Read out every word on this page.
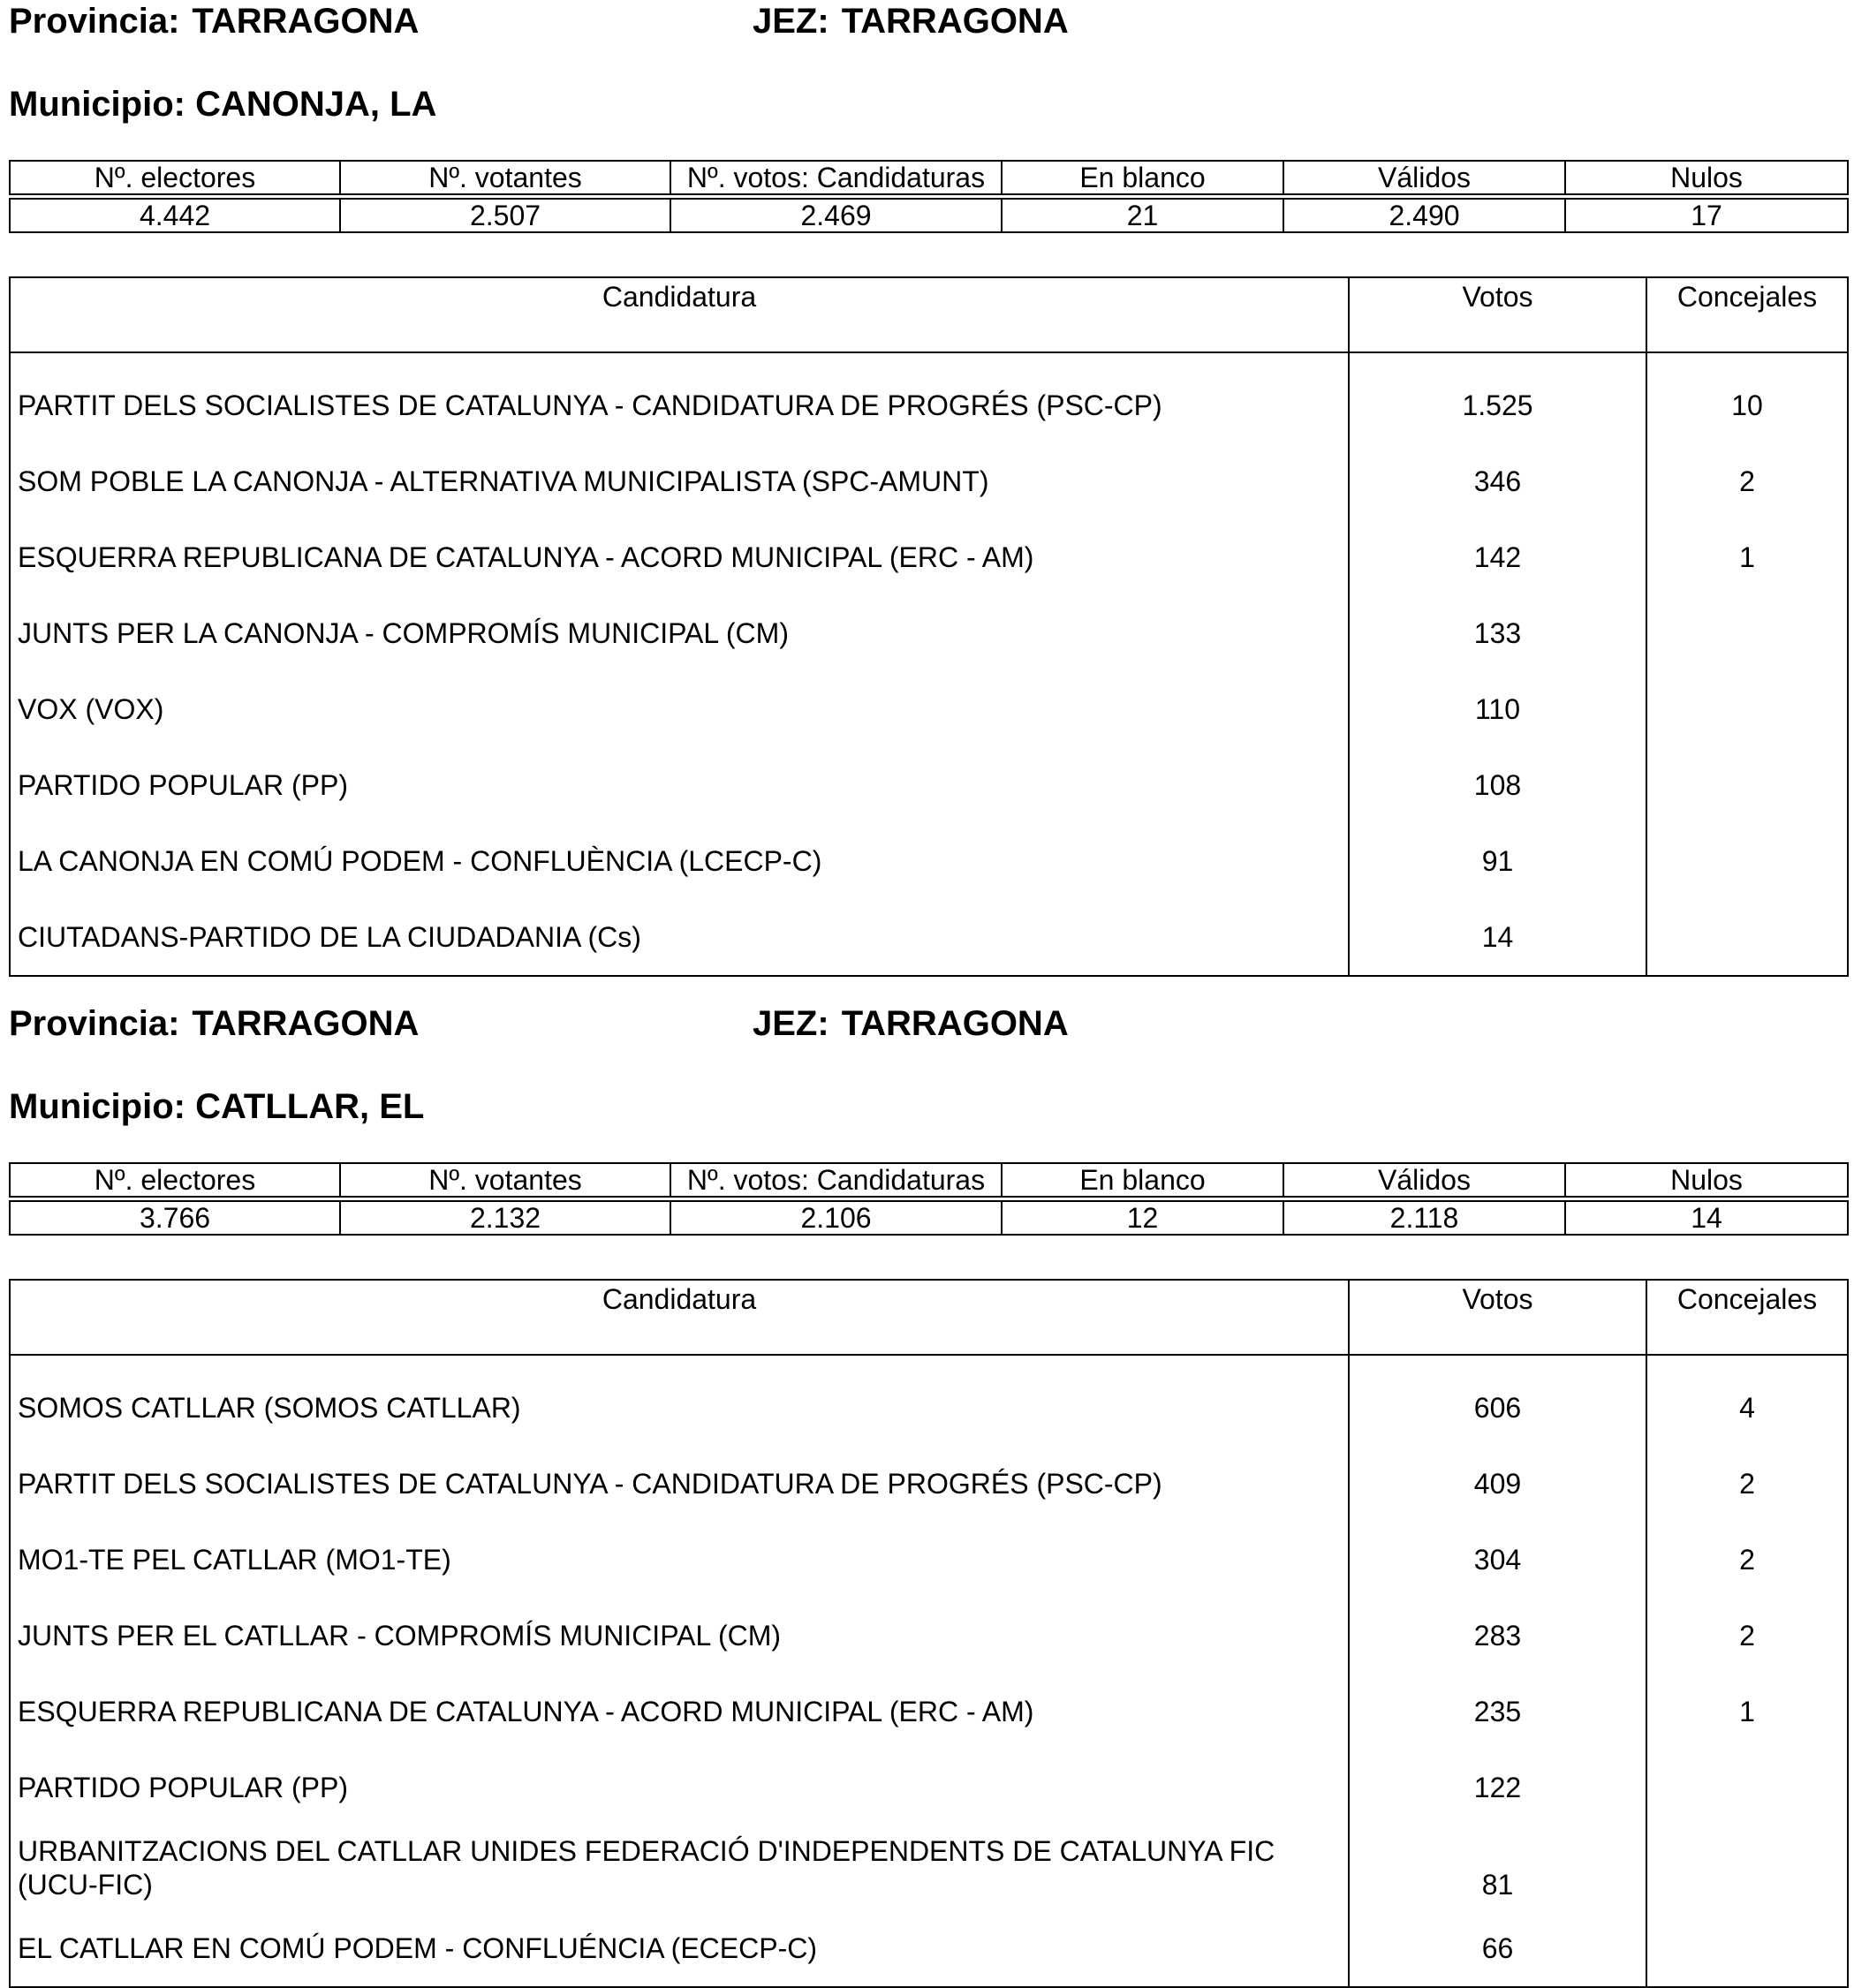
Provincia: TARRAGONA	JEZ: TARRAGONA
Municipio: CANONJA, LA
Nº. electores	Nº. votantes	Nº. votos: Candidaturas	En blanco	Válidos	Nulos
4.442	2.507	2.469	21	2.490	17
Candidatura	Votos	Concejales
PARTIT DELS SOCIALISTES DE CATALUNYA - CANDIDATURA DE PROGRÉS (PSC-CP)	1.525	10
SOM POBLE LA CANONJA - ALTERNATIVA MUNICIPALISTA (SPC-AMUNT)	346	2
ESQUERRA REPUBLICANA DE CATALUNYA - ACORD MUNICIPAL (ERC - AM)	142	1
JUNTS PER LA CANONJA - COMPROMÍS MUNICIPAL (CM)	133	
VOX (VOX)	110	
PARTIDO POPULAR (PP)	108	
LA CANONJA EN COMÚ PODEM - CONFLUÈNCIA (LCECP-C)	91	
CIUTADANS-PARTIDO DE LA CIUDADANIA (Cs)	14	
Provincia: TARRAGONA	JEZ: TARRAGONA
Municipio: CATLLAR, EL
Nº. electores	Nº. votantes	Nº. votos: Candidaturas	En blanco	Válidos	Nulos
3.766	2.132	2.106	12	2.118	14
Candidatura	Votos	Concejales
SOMOS CATLLAR (SOMOS CATLLAR)	606	4
PARTIT DELS SOCIALISTES DE CATALUNYA - CANDIDATURA DE PROGRÉS (PSC-CP)	409	2
MO1-TE PEL CATLLAR (MO1-TE)	304	2
JUNTS PER EL CATLLAR - COMPROMÍS MUNICIPAL (CM)	283	2
ESQUERRA REPUBLICANA DE CATALUNYA - ACORD MUNICIPAL (ERC - AM)	235	1
PARTIDO POPULAR (PP)	122	
URBANITZACIONS DEL CATLLAR UNIDES FEDERACIÓ D'INDEPENDENTS DE CATALUNYA FIC (UCU-FIC)	81	
EL CATLLAR EN COMÚ PODEM - CONFLUÉNCIA (ECECP-C)	66	
